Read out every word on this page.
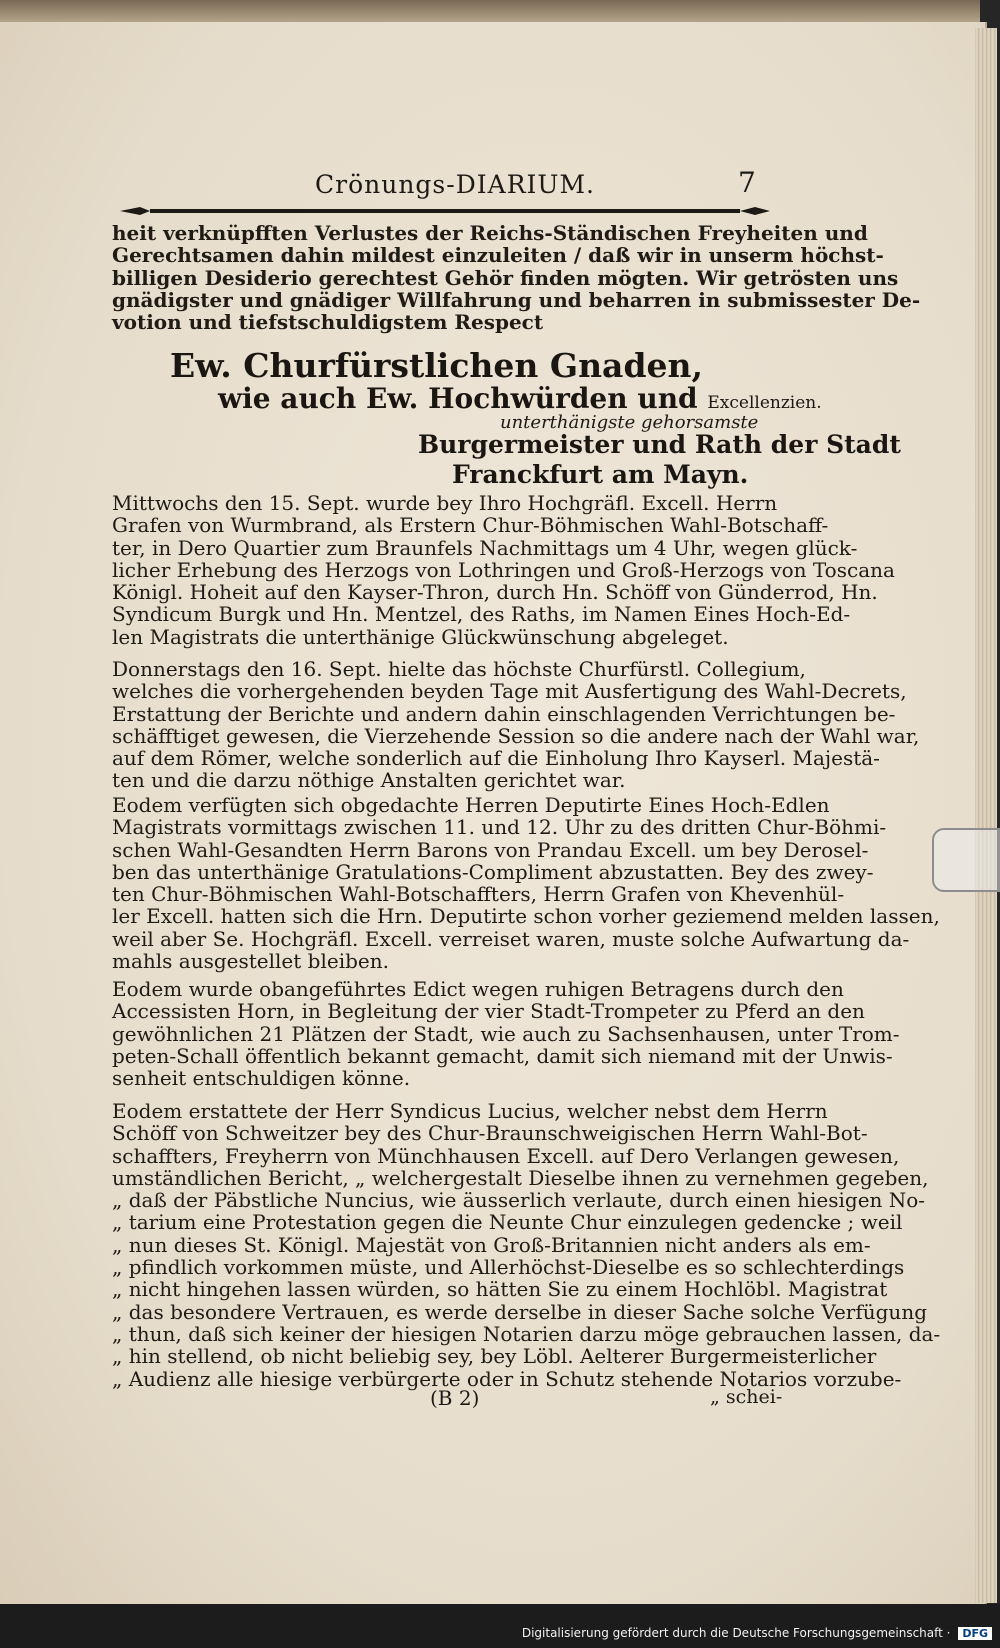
Crönungs-DIARIUM.	7
heit verknüpfften Verlustes der Reichs-Ständischen Freyheiten und
Gerechtsamen dahin mildest einzuleiten / daß wir in unserm höchst-
billigen Desiderio gerechtest Gehör finden mögten. Wir getrösten uns
gnädigster und gnädiger Willfahrung und beharren in submissester De-
votion und tiefstschuldigstem Respect
Ew. Churfürstlichen Gnaden,
wie auch Ew. Hochwürden und Excellenzien.
unterthänigste gehorsamste
Burgermeister und Rath der Stadt
Franckfurt am Mayn.
Mittwochs den 15. Sept. wurde bey Ihro Hochgräfl. Excell. Herrn
Grafen von Wurmbrand, als Erstern Chur-Böhmischen Wahl-Botschaff-
ter, in Dero Quartier zum Braunfels Nachmittags um 4 Uhr, wegen glück-
licher Erhebung des Herzogs von Lothringen und Groß-Herzogs von Toscana
Königl. Hoheit auf den Kayser-Thron, durch Hn. Schöff von Günderrod, Hn.
Syndicum Burgk und Hn. Mentzel, des Raths, im Namen Eines Hoch-Ed-
len Magistrats die unterthänige Glückwünschung abgeleget.
Donnerstags den 16. Sept. hielte das höchste Churfürstl. Collegium,
welches die vorhergehenden beyden Tage mit Ausfertigung des Wahl-Decrets,
Erstattung der Berichte und andern dahin einschlagenden Verrichtungen be-
schäfftiget gewesen, die Vierzehende Session so die andere nach der Wahl war,
auf dem Römer, welche sonderlich auf die Einholung Ihro Kayserl. Majestä-
ten und die darzu nöthige Anstalten gerichtet war.
Eodem verfügten sich obgedachte Herren Deputirte Eines Hoch-Edlen
Magistrats vormittags zwischen 11. und 12. Uhr zu des dritten Chur-Böhmi-
schen Wahl-Gesandten Herrn Barons von Prandau Excell. um bey Derosel-
ben das unterthänige Gratulations-Compliment abzustatten. Bey des zwey-
ten Chur-Böhmischen Wahl-Botschaffters, Herrn Grafen von Khevenhül-
ler Excell. hatten sich die Hrn. Deputirte schon vorher geziemend melden lassen,
weil aber Se. Hochgräfl. Excell. verreiset waren, muste solche Aufwartung da-
mahls ausgestellet bleiben.
Eodem wurde obangeführtes Edict wegen ruhigen Betragens durch den
Accessisten Horn, in Begleitung der vier Stadt-Trompeter zu Pferd an den
gewöhnlichen 21 Plätzen der Stadt, wie auch zu Sachsenhausen, unter Trom-
peten-Schall öffentlich bekannt gemacht, damit sich niemand mit der Unwis-
senheit entschuldigen könne.
Eodem erstattete der Herr Syndicus Lucius, welcher nebst dem Herrn
Schöff von Schweitzer bey des Chur-Braunschweigischen Herrn Wahl-Bot-
schaffters, Freyherrn von Münchhausen Excell. auf Dero Verlangen gewesen,
umständlichen Bericht, „ welchergestalt Dieselbe ihnen zu vernehmen gegeben,
„ daß der Päbstliche Nuncius, wie äusserlich verlaute, durch einen hiesigen No-
„ tarium eine Protestation gegen die Neunte Chur einzulegen gedencke ; weil
„ nun dieses St. Königl. Majestät von Groß-Britannien nicht anders als em-
„ pfindlich vorkommen müste, und Allerhöchst-Dieselbe es so schlechterdings
„ nicht hingehen lassen würden, so hätten Sie zu einem Hochlöbl. Magistrat
„ das besondere Vertrauen, es werde derselbe in dieser Sache solche Verfügung
„ thun, daß sich keiner der hiesigen Notarien darzu möge gebrauchen lassen, da-
„ hin stellend, ob nicht beliebig sey, bey Löbl. Aelterer Burgermeisterlicher
„ Audienz alle hiesige verbürgerte oder in Schutz stehende Notarios vorzube-
(B 2)	„ schei-
Digitalisierung gefördert durch die Deutsche Forschungsgemeinschaft · DFG
